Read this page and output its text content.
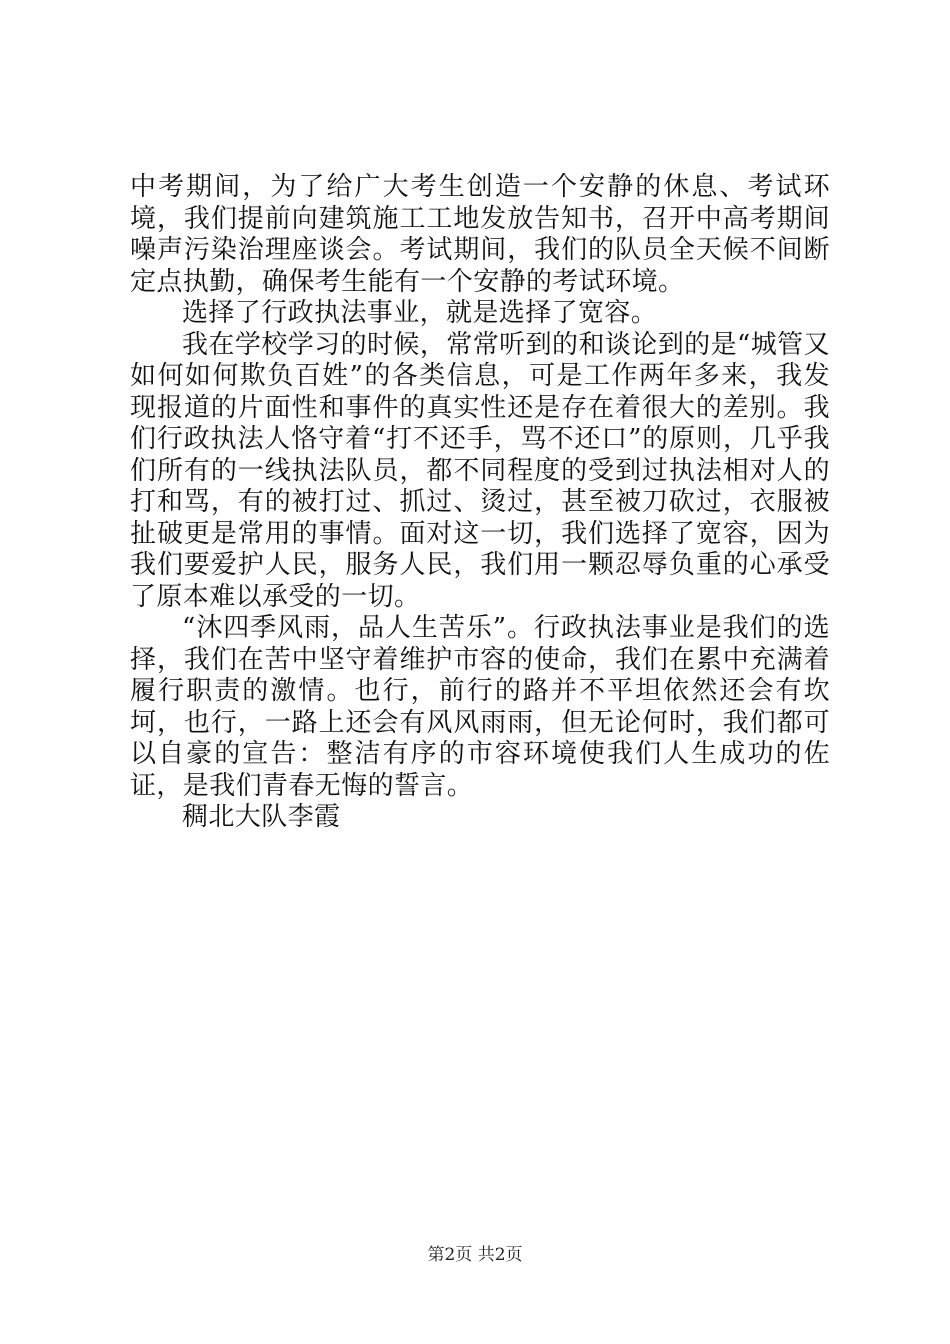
中考期间，为了给广大考生创造一个安静的休息、考试环境，我们提前向建筑施工工地发放告知书，召开中高考期间噪声污染治理座谈会。考试期间，我们的队员全天候不间断定点执勤，确保考生能有一个安静的考试环境。

选择了行政执法事业，就是选择了宽容。

我在学校学习的时候，常常听到的和谈论到的是“城管又如何如何欺负百姓”的各类信息，可是工作两年多来，我发现报道的片面性和事件的真实性还是存在着很大的差别。我们行政执法人恪守着“打不还手，骂不还口”的原则，几乎我们所有的一线执法队员，都不同程度的受到过执法相对人的打和骂，有的被打过、抓过、烫过，甚至被刀砍过，衣服被扯破更是常用的事情。面对这一切，我们选择了宽容，因为我们要爱护人民，服务人民，我们用一颗忍辱负重的心承受了原本难以承受的一切。

“沐四季风雨，品人生苦乐”。行政执法事业是我们的选择，我们在苦中坚守着维护市容的使命，我们在累中充满着履行职责的激情。也行，前行的路并不平坦依然还会有坎坷，也行，一路上还会有风风雨雨，但无论何时，我们都可以自豪的宣告：整洁有序的市容环境使我们人生成功的佐证，是我们青春无悔的誓言。

稠北大队李霞

第2页 共2页
